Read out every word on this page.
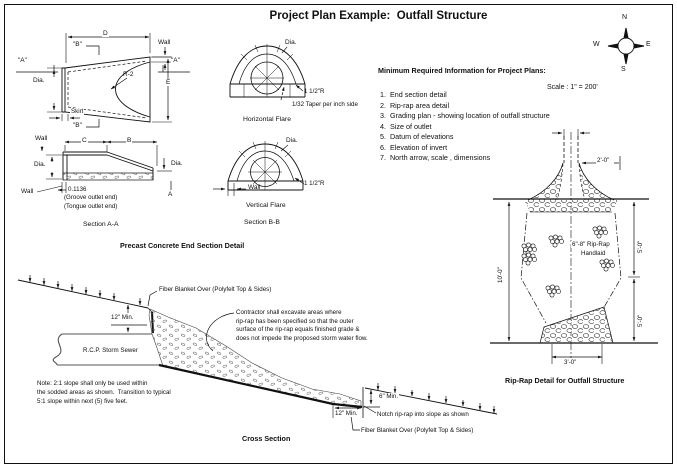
Project Plan Example:  Outfall Structure	N
W	E
S
Scale : 1" = 200'
Minimum Required Information for Project Plans:
1.  End section detail
2.  Rip-rap area detail
3.  Grading plan - showing location of outfall structure
4.  Size of outlet
5.  Datum of elevations
6.  Elevation of invert
7.  North arrow, scale , dimensions
D
"B"	Wall
"A"	"A"
R-2
Dia.	E
Skirt
"B"
Wall	C	B
Dia.	Dia.
Wall	A
0.1136
(Groove outlet end)
(Tongue outlet end)
Section A-A
Precast Concrete End Section Detail
Dia.
1 1/2"R
1/32 Taper per inch side
Horizontal Flare
Dia.
Wall
1 1/2"R
Vertical Flare
Section B-B
2'-0"
10'-0"
5'-0"
5'-0"
3'-0"
6"-8" Rip-Rap
Handlaid
Rip-Rap Detail for Outfall Structure
Fiber Blanket Over (Polyfelt Top & Sides)
12" Min.
R.C.P. Storm Sewer
Contractor shall excavate areas where
rip-rap has been specified so that the outer
surface of the rip-rap equals finished grade &
does not impede the proposed storm water flow.
Note: 2:1 slope shall only be used within
the sodded areas as shown.  Transition to typical
5:1 slope within next (5) five feet.
6" Min.
12" Min.	Notch rip-rap into slope as shown
Fiber Blanket Over (Polyfelt Top & Sides)
Cross Section
